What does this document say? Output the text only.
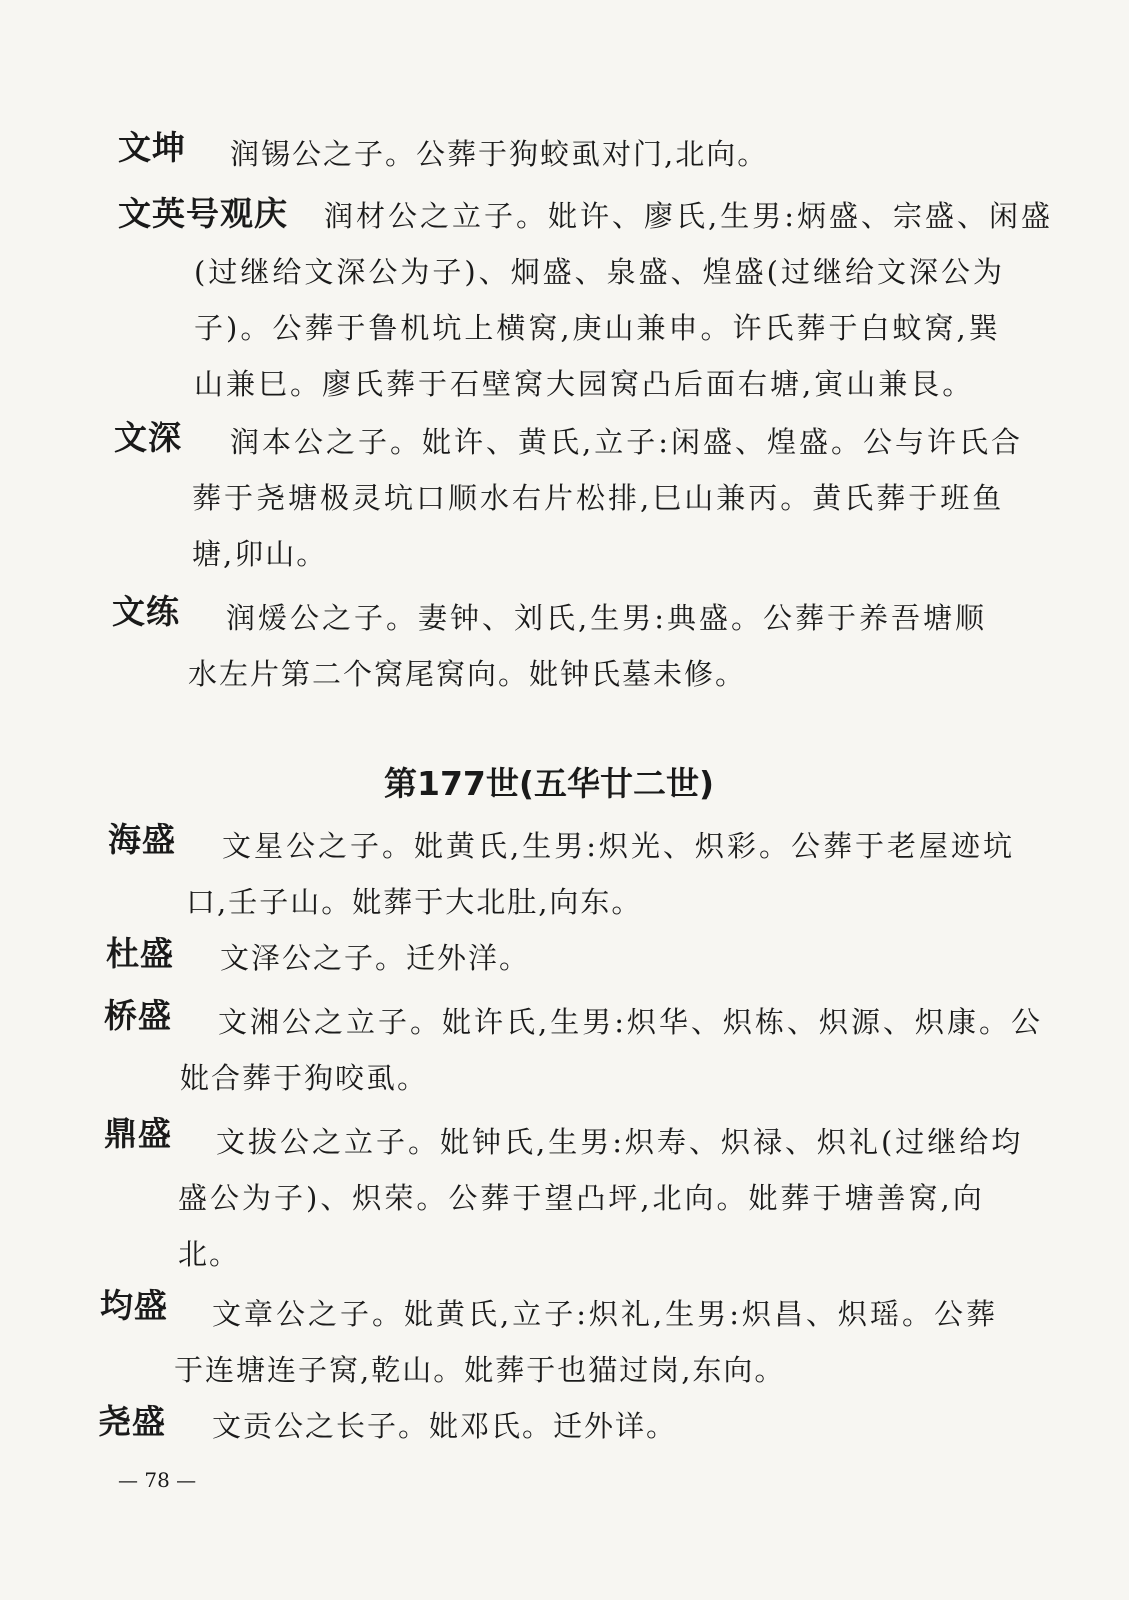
文坤 润锡公之子。公葬于狗蛟虱对门,北向。
文英号观庆 润材公之立子。妣许、廖氏,生男:炳盛、宗盛、闲盛
(过继给文深公为子)、炯盛、泉盛、煌盛(过继给文深公为
子)。公葬于鲁机坑上横窝,庚山兼申。许氏葬于白蚊窝,巽
山兼巳。廖氏葬于石壁窝大园窝凸后面右塘,寅山兼艮。
文深 润本公之子。妣许、黄氏,立子:闲盛、煌盛。公与许氏合
葬于尧塘极灵坑口顺水右片松排,巳山兼丙。黄氏葬于班鱼
塘,卯山。
文练 润煖公之子。妻钟、刘氏,生男:典盛。公葬于养吾塘顺
水左片第二个窝尾窝向。妣钟氏墓未修。
第177世(五华廿二世)
海盛 文星公之子。妣黄氏,生男:炽光、炽彩。公葬于老屋迹坑
口,壬子山。妣葬于大北肚,向东。
杜盛 文泽公之子。迁外洋。
桥盛 文湘公之立子。妣许氏,生男:炽华、炽栋、炽源、炽康。公
妣合葬于狗咬虱。
鼎盛 文拔公之立子。妣钟氏,生男:炽寿、炽禄、炽礼(过继给均
盛公为子)、炽荣。公葬于望凸坪,北向。妣葬于塘善窝,向
北。
均盛 文章公之子。妣黄氏,立子:炽礼,生男:炽昌、炽瑶。公葬
于连塘连子窝,乾山。妣葬于也猫过岗,东向。
尧盛 文贡公之长子。妣邓氏。迁外详。
— 78 —
